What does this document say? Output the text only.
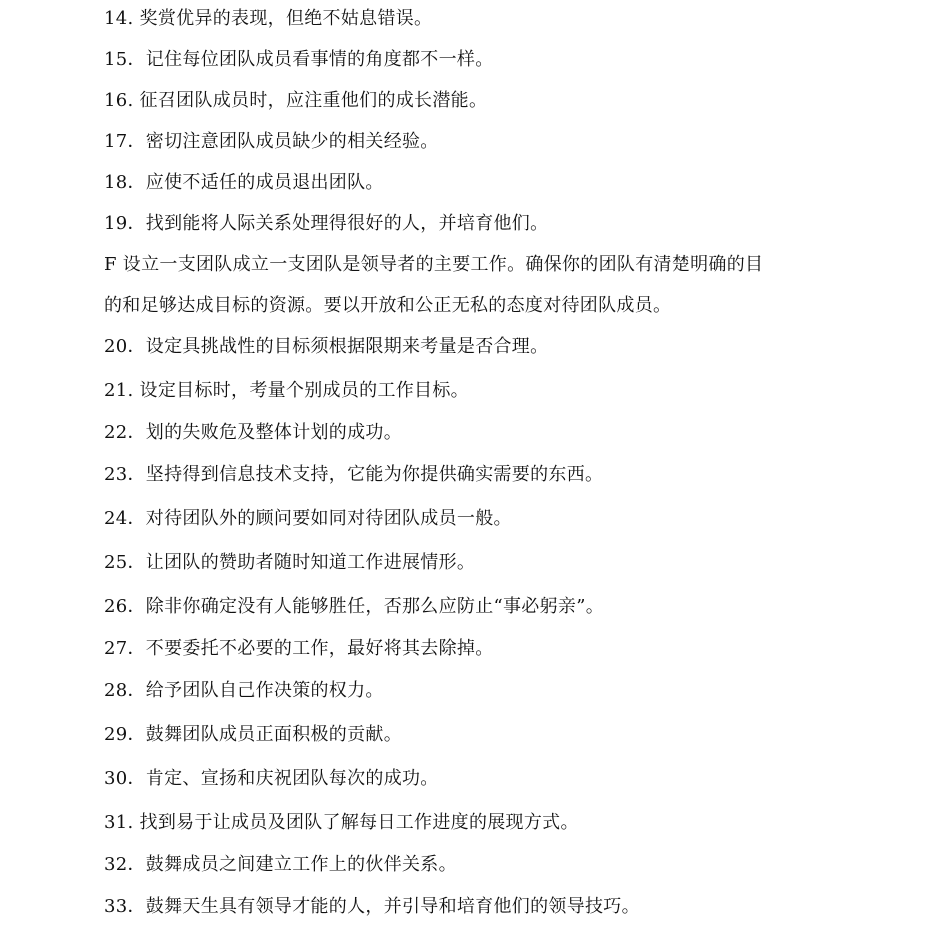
14. 奖赏优异的表现，但绝不姑息错误。
15．记住每位团队成员看事情的角度都不一样。
16. 征召团队成员时，应注重他们的成长潜能。
17．密切注意团队成员缺少的相关经验。
18．应使不适任的成员退出团队。
19．找到能将人际关系处理得很好的人，并培育他们。
F 设立一支团队成立一支团队是领导者的主要工作。确保你的团队有清楚明确的目
的和足够达成目标的资源。要以开放和公正无私的态度对待团队成员。
20．设定具挑战性的目标须根据限期来考量是否合理。
21. 设定目标时，考量个别成员的工作目标。
22．划的失败危及整体计划的成功。
23．坚持得到信息技术支持，它能为你提供确实需要的东西。
24．对待团队外的顾问要如同对待团队成员一般。
25．让团队的赞助者随时知道工作进展情形。
26．除非你确定没有人能够胜任，否那么应防止“事必躬亲”。
27．不要委托不必要的工作，最好将其去除掉。
28．给予团队自己作决策的权力。
29．鼓舞团队成员正面积极的贡献。
30．肯定、宣扬和庆祝团队每次的成功。
31. 找到易于让成员及团队了解每日工作进度的展现方式。
32．鼓舞成员之间建立工作上的伙伴关系。
33．鼓舞天生具有领导才能的人，并引导和培育他们的领导技巧。
